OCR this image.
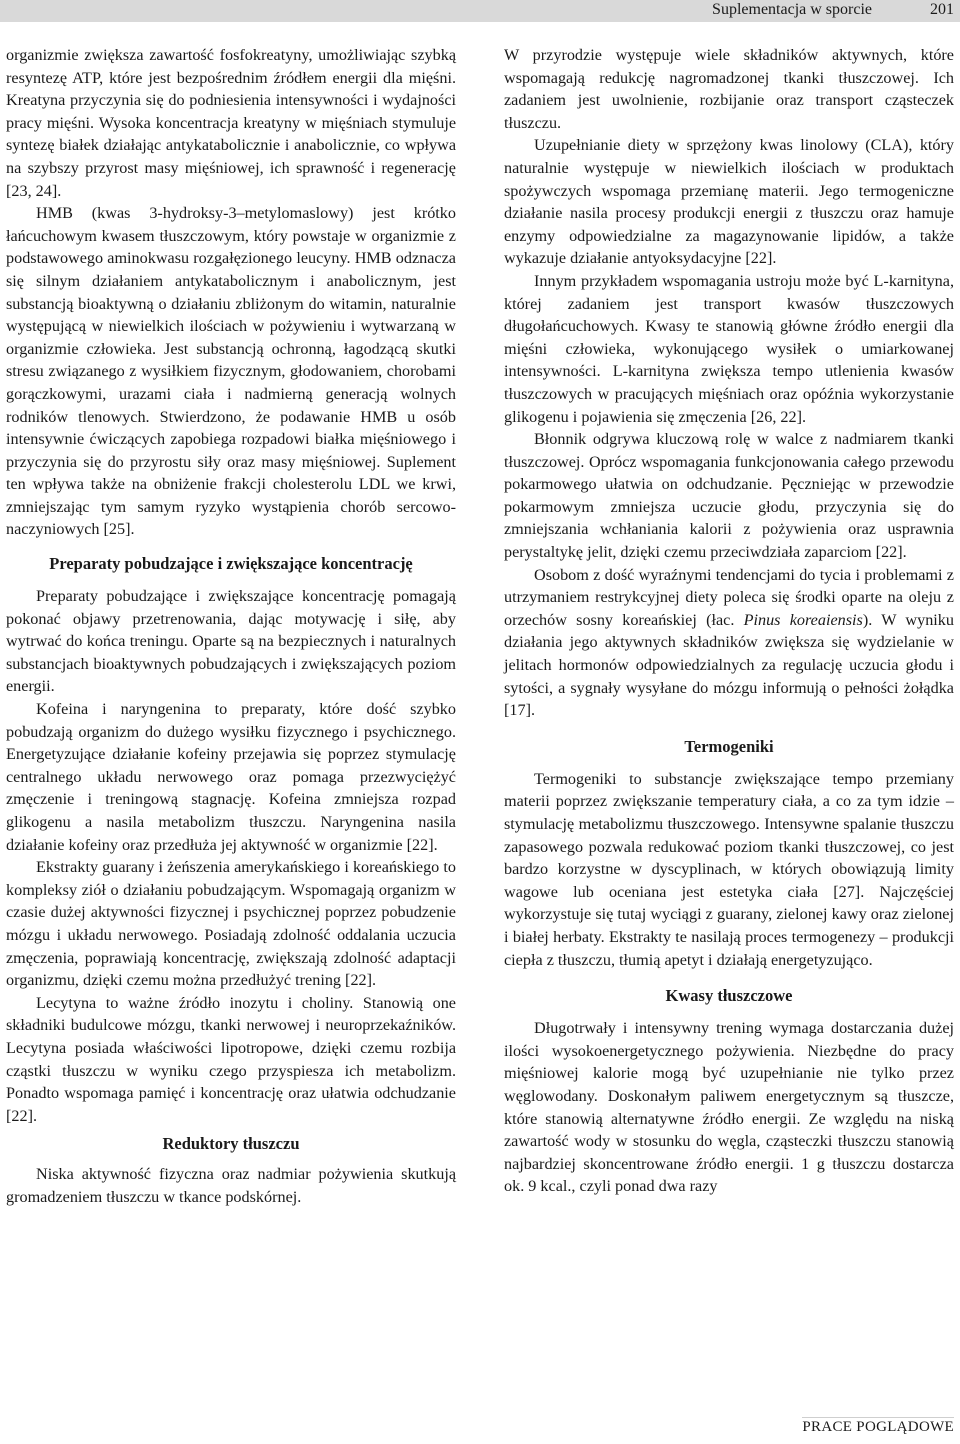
Suplementacja w sporcie	201

organizmie zwiększa zawartość fosfokreatyny, umożliwiając szybką resyntezę ATP, które jest bezpośrednim źródłem energii dla mięśni. Kreatyna przyczynia się do podniesienia intensywności i wydajności pracy mięśni. Wysoka koncentracja kreatyny w mięśniach stymuluje syntezę białek działając antykatabolicznie i anabolicznie, co wpływa na szybszy przyrost masy mięśniowej, ich sprawność i regenerację [23, 24].

HMB (kwas 3-hydroksy-3–metylomaslowy) jest krótko łańcuchowym kwasem tłuszczowym, który powstaje w organizmie z podstawowego aminokwasu rozgałęzionego leucyny. HMB odznacza się silnym działaniem antykatabolicznym i anabolicznym, jest substancją bioaktywną o działaniu zbliżonym do witamin, naturalnie występującą w niewielkich ilościach w pożywieniu i wytwarzaną w organizmie człowieka. Jest substancją ochronną, łagodzącą skutki stresu związanego z wysiłkiem fizycznym, głodowaniem, chorobami gorączkowymi, urazami ciała i nadmierną generacją wolnych rodników tlenowych. Stwierdzono, że podawanie HMB u osób intensywnie ćwiczących zapobiega rozpadowi białka mięśniowego i przyczynia się do przyrostu siły oraz masy mięśniowej. Suplement ten wpływa także na obniżenie frakcji cholesterolu LDL we krwi, zmniejszając tym samym ryzyko wystąpienia chorób sercowo-naczyniowych [25].

Preparaty pobudzające i zwiększające koncentrację

Preparaty pobudzające i zwiększające koncentrację pomagają pokonać objawy przetrenowania, dając motywację i siłę, aby wytrwać do końca treningu. Oparte są na bezpiecznych i naturalnych substancjach bioaktywnych pobudzających i zwiększających poziom energii.

Kofeina i naryngenina to preparaty, które dość szybko pobudzają organizm do dużego wysiłku fizycznego i psychicznego. Energetyzujące działanie kofeiny przejawia się poprzez stymulację centralnego układu nerwowego oraz pomaga przezwyciężyć zmęczenie i treningową stagnację. Kofeina zmniejsza rozpad glikogenu a nasila metabolizm tłuszczu. Naryngenina nasila działanie kofeiny oraz przedłuża jej aktywność w organizmie [22].

Ekstrakty guarany i żeńszenia amerykańskiego i koreańskiego to kompleksy ziół o działaniu pobudzającym. Wspomagają organizm w czasie dużej aktywności fizycznej i psychicznej poprzez pobudzenie mózgu i układu nerwowego. Posiadają zdolność oddalania uczucia zmęczenia, poprawiają koncentrację, zwiększają zdolność adaptacji organizmu, dzięki czemu można przedłużyć trening [22].

Lecytyna to ważne źródło inozytu i choliny. Stanowią one składniki budulcowe mózgu, tkanki nerwowej i neuroprzekaźników. Lecytyna posiada właściwości lipotropowe, dzięki czemu rozbija cząstki tłuszczu w wyniku czego przyspiesza ich metabolizm. Ponadto wspomaga pamięć i koncentrację oraz ułatwia odchudzanie [22].

Reduktory tłuszczu

Niska aktywność fizyczna oraz nadmiar pożywienia skutkują gromadzeniem tłuszczu w tkance podskórnej.

W przyrodzie występuje wiele składników aktywnych, które wspomagają redukcję nagromadzonej tkanki tłuszczowej. Ich zadaniem jest uwolnienie, rozbijanie oraz transport cząsteczek tłuszczu.

Uzupełnianie diety w sprzężony kwas linolowy (CLA), który naturalnie występuje w niewielkich ilościach w produktach spożywczych wspomaga przemianę materii. Jego termogeniczne działanie nasila procesy produkcji energii z tłuszczu oraz hamuje enzymy odpowiedzialne za magazynowanie lipidów, a także wykazuje działanie antyoksydacyjne [22].

Innym przykładem wspomagania ustroju może być L-karnityna, której zadaniem jest transport kwasów tłuszczowych długołańcuchowych. Kwasy te stanowią główne źródło energii dla mięśni człowieka, wykonującego wysiłek o umiarkowanej intensywności. L-karnityna zwiększa tempo utlenienia kwasów tłuszczowych w pracujących mięśniach oraz opóźnia wykorzystanie glikogenu i pojawienia się zmęczenia [26, 22].

Błonnik odgrywa kluczową rolę w walce z nadmiarem tkanki tłuszczowej. Oprócz wspomagania funkcjonowania całego przewodu pokarmowego ułatwia on odchudzanie. Pęczniejąc w przewodzie pokarmowym zmniejsza uczucie głodu, przyczynia się do zmniejszania wchłaniania kalorii z pożywienia oraz usprawnia perystaltykę jelit, dzięki czemu przeciwdziała zaparciom [22].

Osobom z dość wyraźnymi tendencjami do tycia i problemami z utrzymaniem restrykcyjnej diety poleca się środki oparte na oleju z orzechów sosny koreańskiej (łac. Pinus koreaiensis). W wyniku działania jego aktywnych składników zwiększa się wydzielanie w jelitach hormonów odpowiedzialnych za regulację uczucia głodu i sytości, a sygnały wysyłane do mózgu informują o pełności żołądka [17].

Termogeniki

Termogeniki to substancje zwiększające tempo przemiany materii poprzez zwiększanie temperatury ciała, a co za tym idzie – stymulację metabolizmu tłuszczowego. Intensywne spalanie tłuszczu zapasowego pozwala redukować poziom tkanki tłuszczowej, co jest bardzo korzystne w dyscyplinach, w których obowiązują limity wagowe lub oceniana jest estetyka ciała [27]. Najczęściej wykorzystuje się tutaj wyciągi z guarany, zielonej kawy oraz zielonej i białej herbaty. Ekstrakty te nasilają proces termogenezy – produkcji ciepła z tłuszczu, tłumią apetyt i działają energetyzująco.

Kwasy tłuszczowe

Długotrwały i intensywny trening wymaga dostarczania dużej ilości wysokoenergetycznego pożywienia. Niezbędne do pracy mięśniowej kalorie mogą być uzupełnianie nie tylko przez węglowodany. Doskonałym paliwem energetycznym są tłuszcze, które stanowią alternatywne źródło energii. Ze względu na niską zawartość wody w stosunku do węgla, cząsteczki tłuszczu stanowią najbardziej skoncentrowane źródło energii. 1 g tłuszczu dostarcza ok. 9 kcal., czyli ponad dwa razy

PRACE POGLĄDOWE
